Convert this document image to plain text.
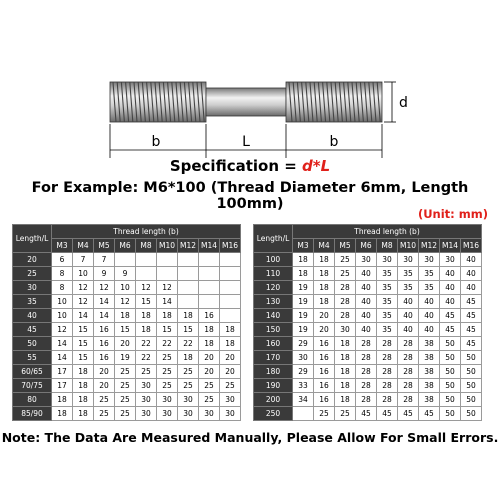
b	L	b
d
Specification = d*L
For Example: M6*100 (Thread Diameter 6mm, Length 100mm)
(Unit: mm)
Length/L	Thread length (b)								
	M3	M4	M5	M6	M8	M10	M12	M14	M16
20	6	7	7						
25	8	10	9	9					
30	8	12	12	10	12	12			
35	10	12	14	12	15	14			
40	10	14	14	18	18	18	18	16	
45	12	15	16	15	18	15	15	18	18
50	14	15	16	20	22	22	22	18	18
55	14	15	16	19	22	25	18	20	20
60/65	17	18	20	25	25	25	25	20	20
70/75	17	18	20	25	30	25	25	25	25
80	18	18	25	25	30	30	30	25	30
85/90	18	18	25	25	30	30	30	30	30
Length/L	Thread length (b)								
	M3	M4	M5	M6	M8	M10	M12	M14	M16
100	18	18	25	30	30	30	30	30	40
110	18	18	25	40	35	35	35	40	40
120	19	18	28	40	35	35	35	40	40
130	19	18	28	40	35	40	40	40	45
140	19	20	28	40	35	40	40	45	45
150	19	20	30	40	35	40	40	45	45
160	29	16	18	28	28	28	38	50	45
170	30	16	18	28	28	28	38	50	50
180	29	16	18	28	28	28	38	50	50
190	33	16	18	28	28	28	38	50	50
200	34	16	18	28	28	28	38	50	50
250		25	25	45	45	45	45	50	50
Note: The Data Are Measured Manually, Please Allow For Small Errors.
